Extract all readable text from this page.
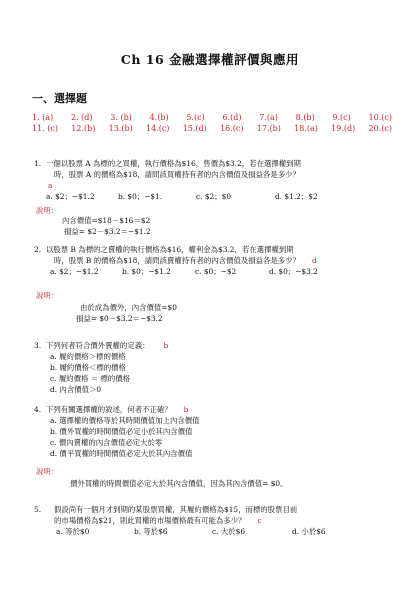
Ch 16 金融選擇權評價與應用
一、選擇題
1. (a) 2. (d) 3. (b) 4.(b) 5.(c) 6.(d) 7.(a) 8.(b) 9.(c) 10.(c)
11. (c) 12.(b) 13.(b) 14.(c) 15.(d) 16.(c) 17.(b) 18.(a) 19.(d) 20.(c)
1. 一個以股票 A 為標的之買權，執行價格為$16，售價為$3.2，若在選擇權到期
時，股票 A 的價格為$18，請問該買權持有者的內含價值及損益各是多少？
a
a. $2；−$1.2	b. $0；−$1.	c. $2；$0	d. $1.2；$2
說明：
內含價值=$18－$16＝$2
損益= $2－$3.2＝−$1.2
2. 以股票 B 為標的之賣權的執行價格為$16，權利金為$3.2，若在選擇權到期
時，股票 B 的價格為$18，請問該賣權持有者的內含價值及損益各是多少？ d
a. $2；−$1.2	b. $0；−$1.2	c. $0；−$2	d. $0；−$3.2
說明：
由於成為價外，內含價值=$0
損益= $0－$3.2＝−$3.2
3. 下列何者符合價外賣權的定義： b
a. 履約價格＞標的價格
b. 履約價格＜標的價格
c. 履約價格 ＝ 標的價格
d. 內含價值＞0
4. 下列有關選擇權的敘述，何者不正確？ b
a. 選擇權的價格等於其時間價值加上內含價值
b. 價外買權的時間價值必定小於其內含價值
c. 價內賣權的內含價值必定大於零
d. 價平買權的時間價值必定大於其內含價值
說明：
價外買權的時間價值必定大於其內含價值，因為其內含價值= $0。
5.	假設尚有一個月才到期的某股票買權，其履約價格為$15，而標的股票目前
的市場價格為$21，則此買權的市場價格最有可能為多少？ c
a. 等於$0	b. 等於$6	c. 大於$6	d. 小於$6
